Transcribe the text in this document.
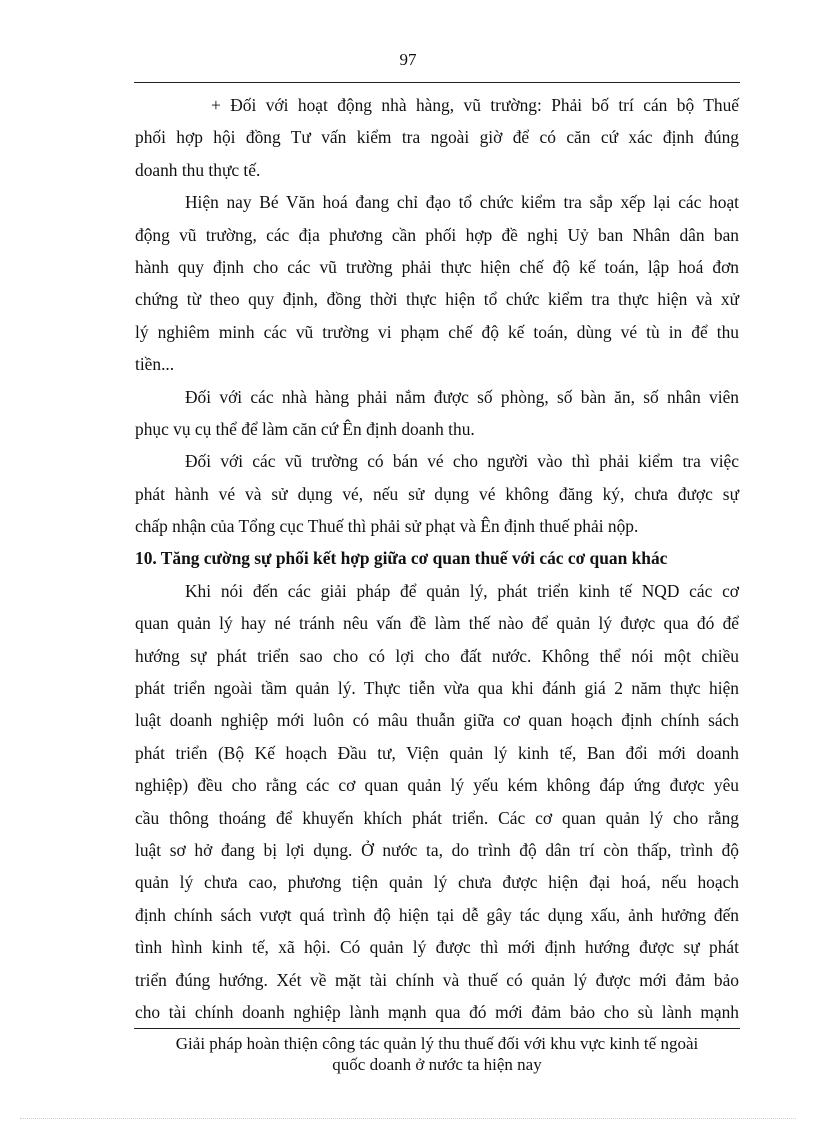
97
+ Đối với hoạt động nhà hàng, vũ trường: Phải bố trí cán bộ Thuế
phối hợp hội đồng Tư vấn kiểm tra ngoài giờ để có căn cứ xác định đúng
doanh thu thực tế.
Hiện nay Bé Văn hoá đang chỉ đạo tổ chức kiểm tra sắp xếp lại các hoạt
động vũ trường, các địa phương cần phối hợp đề nghị Uỷ ban Nhân dân ban
hành quy định cho các vũ trường phải thực hiện chế độ kế toán, lập hoá đơn
chứng từ theo quy định, đồng thời thực hiện tổ chức kiểm tra thực hiện và xử
lý nghiêm minh các vũ trường vi phạm chế độ kế toán, dùng vé tù in để thu
tiền...
Đối với các nhà hàng phải nắm được số phòng, số bàn ăn, số nhân viên
phục vụ cụ thể để làm căn cứ Ên định doanh thu.
Đối với các vũ trường có bán vé cho người vào thì phải kiểm tra việc
phát hành vé và sử dụng vé, nếu sử dụng vé không đăng ký, chưa được sự
chấp nhận của Tổng cục Thuế thì phải sử phạt và Ên định thuế phải nộp.
10. Tăng cường sự phối kết hợp giữa cơ quan thuế với các cơ quan khác
Khi nói đến các giải pháp để quản lý, phát triển kinh tế NQD các cơ
quan quản lý hay né tránh nêu vấn đề làm thế nào để quản lý được qua đó để
hướng sự phát triển sao cho có lợi cho đất nước. Không thể nói một chiều
phát triển ngoài tầm quản lý. Thực tiễn vừa qua khi đánh giá 2 năm thực hiện
luật doanh nghiệp mới luôn có mâu thuẫn giữa cơ quan hoạch định chính sách
phát triển (Bộ Kế hoạch Đầu tư, Viện quản lý kinh tế, Ban đổi mới doanh
nghiệp) đều cho rằng các cơ quan quản lý yếu kém không đáp ứng được yêu
cầu thông thoáng để khuyến khích phát triển. Các cơ quan quản lý cho rằng
luật sơ hở đang bị lợi dụng. Ở nước ta, do trình độ dân trí còn thấp, trình độ
quản lý chưa cao, phương tiện quản lý chưa được hiện đại hoá, nếu hoạch
định chính sách vượt quá trình độ hiện tại dễ gây tác dụng xấu, ảnh hưởng đến
tình hình kinh tế, xã hội. Có quản lý được thì mới định hướng được sự phát
triển đúng hướng. Xét về mặt tài chính và thuế có quản lý được mới đảm bảo
cho tài chính doanh nghiệp lành mạnh qua đó mới đảm bảo cho sù lành mạnh
Giải pháp hoàn thiện công tác quản lý thu thuế đối với khu vực kinh tế ngoài
quốc doanh ở nước ta hiện nay
